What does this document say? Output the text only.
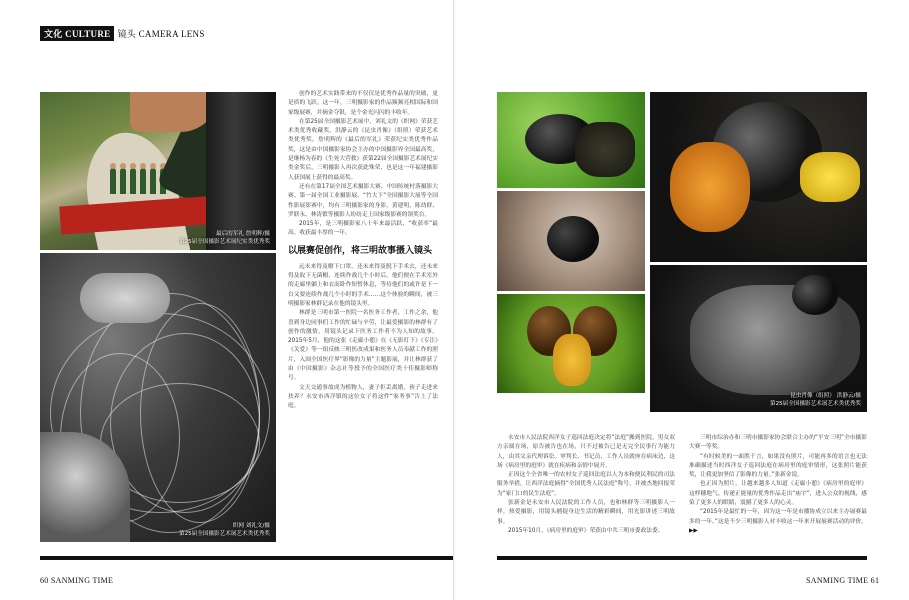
文化 CULTURE 镜头 CAMERA LENS
最后的军礼 詹明辉/摄
第25届全国摄影艺术展纪实类优秀奖
织网 刘礼文/摄
第25届全国摄影艺术展艺术类优秀奖

创作的艺术实践带来的不仅仅是优秀作品量的突破，更是质的飞跃。这一年，三明摄影家的作品频频亮相国际和国家级展赛，并摘金夺银，是个金光闪闪的丰收年。

在第25届全国摄影艺术展中，刘礼文的《织网》荣获艺术类优秀收藏奖，洪静云的《昆虫肖像》（组照）荣获艺术类优秀奖，詹明辉的《最后的军礼》荣获纪实类优秀作品奖，这是由中国摄影家协会主办的中国摄影界全国最高奖，是继杨为春的《生死大营救》获第22届全国摄影艺术展纪实类金奖后，三明摄影人再次获此殊荣，也是这一年福建摄影人获国展上获得的最高奖。

还有在第17届全国艺术摄影大赛、中国传统村落摄影大赛、第一届全国工业摄影展、“竹大下”全国摄影大展等全国性影展影赛中，均有三明摄影家的身影，黄建明、陈幼群、罗联永、林涛繁等摄影人纷纷走上国家级影赛的领奖台。

2015年，是三明摄影家八十年来最活跃、“收获率”最高、收获最丰厚的一年。

以展赛促创作，将三明故事摄入镜头

远未来得及解下口罩，还未来得及脱下手术衣，还未来得及取下无菌帽，连续作战几个小时后，他们便在手术室外的走廊里躺上和衣而卧作短暂休息，等待他们的或许是下一台又要连续作战几个小时的手术……这个体验的瞬间，被三明摄影家林群记录在他的镜头里。

林群是三明市第一医院一名医务工作者，工作之余，他喜到身边同事们工作的忙碌与辛劳，让最爱摄影的林群有了创作的激情，用镜头记录下医务工作者不为人知的故事。2015年5月，他的这张《走廊小憩》在《无影灯下》《专注》《关爱》等一组反映三明医改成果和医务人员奉献工作的照片，入围全国医疗界“影像的力量”主题影展，并让林群获了由《中国摄影》杂志社等授予的全国医疗类十佳摄影师称号。

文天交通事故成为植物人，妻子拒丢离婚，孩子走进来扶养？永安市西洋镇的这位女子将这件“家务事”告上了法庭。

昆虫肖像（组照） 洪静云/摄
第25届全国摄影艺术展艺术类优秀奖

永安市人民法院西洋女子巡回法庭决定将“法庭”搬到医院。男女双方亲属在场，原告被告也在场，只不过被告已是无完全民事行为能力人，由其父亲代理诉讼。审判长、书记员、工作人员就座在病床边，这场《病房里的庭审》就在疾病和亲情中展开。

正因这个全省唯一的农村女子巡回法庭以人为本和便民利民的司法服务举措，让西洋法庭摘得“全国优秀人民法庭”称号，并被杰地回报荣为“家门口的民生法庭”。

张新金是永安市人民法院的工作人员，也和林群等三明摄影人一样，热爱摄影，用镜头捕捉身边生活的精彩瞬间，用光影讲述三明故事。

2015年10月，《病房里的庭审》荣获由中共三明市委政法委、

三明市综治办和三明市摄影家协会联合主办的“平安三明”全市摄影大赛一等奖。

“有时候美的一面胜千言，如果没有照片，可能再多的语言也无法准确描述当时西洋女子巡回法庭在病房里的庭审情形，这张照片能获奖，让我更加坚信了影像的力量。”张新金说。

也正因为照片，让越来越多人知道《走廊小憩》《病房里的庭审》这样穗地气、传递正能量的优秀作品走出“庙宇”，进入公众的视线，感染了更多人的眼睛，震撼了更多人的心灵。

“2015年是最忙的一年，因为这一年是市播协成立以来主办展赛最多的一年。”这是不少三明摄影人对丰收这一年来开展展赛活动的评价。 ▶▶

60 SANMING TIME	SANMING TIME 61
